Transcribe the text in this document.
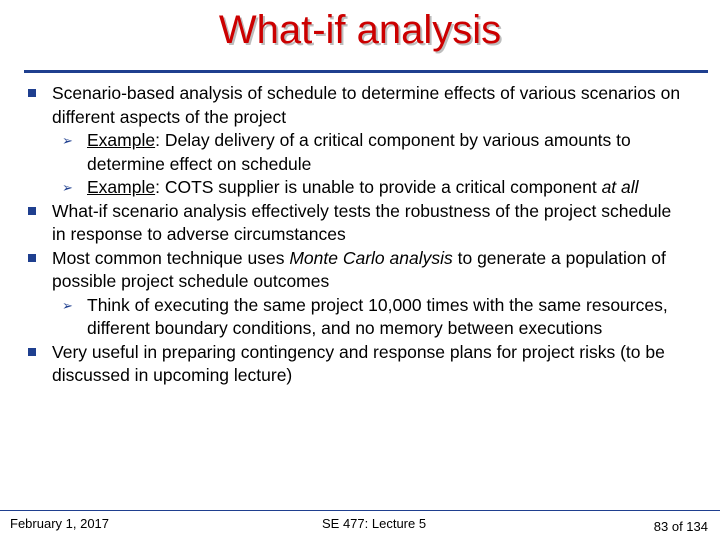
What-if analysis
Scenario-based analysis of schedule to determine effects of various scenarios on different aspects of the project
➢ Example: Delay delivery of a critical component by various amounts to determine effect on schedule
➢ Example: COTS supplier is unable to provide a critical component at all
What-if scenario analysis effectively tests the robustness of the project schedule in response to adverse circumstances
Most common technique uses Monte Carlo analysis to generate a population of possible project schedule outcomes
➢ Think of executing the same project 10,000 times with the same resources, different boundary conditions, and no memory between executions
Very useful in preparing contingency and response plans for project risks (to be discussed in upcoming lecture)
February 1, 2017	SE 477: Lecture 5	83 of 134
